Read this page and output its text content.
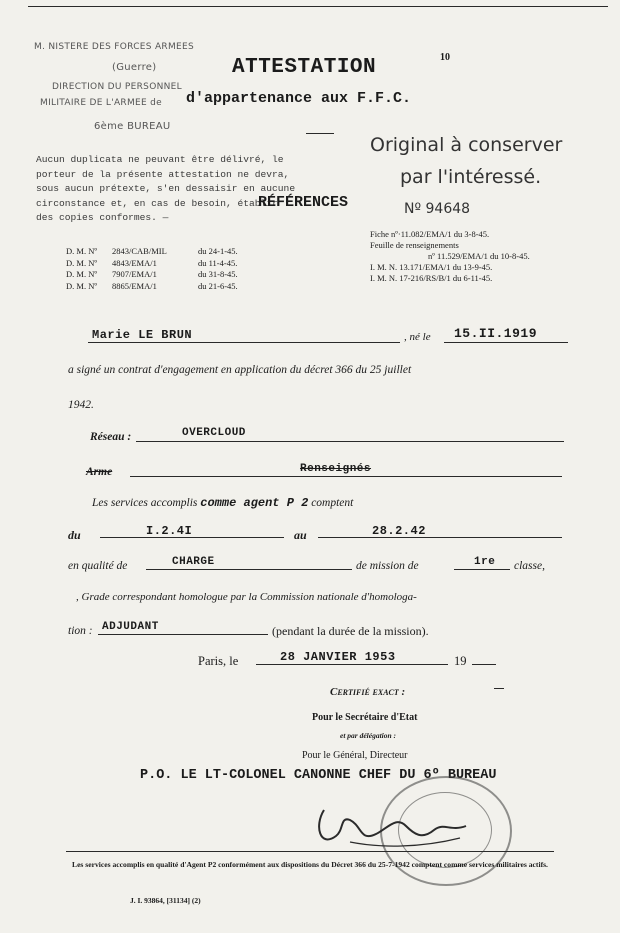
M. NISTERE DES FORCES ARMEES
(Guerre)
DIRECTION DU PERSONNEL
MILITAIRE DE L'ARMEE de
6ème BUREAU
ATTESTATION	10
d'appartenance aux F.F.C.
Aucun duplicata ne peuvant être délivré, le porteur de la présente attestation ne devra, sous aucun prétexte, s'en dessaisir en aucune circonstance et, en cas de besoin, établir des copies conformes. —
Original à conserver
par l'intéressé.
RÉFÉRENCES	Nº 94648
D. M. Nº	2843/CAB/MIL	du 24-1-45.
D. M. Nº	4843/EMA/1	du 11-4-45.
D. M. Nº	7907/EMA/1	du 31-8-45.
D. M. Nº	8865/EMA/1	du 21-6-45.
Fiche nº·11.082/EMA/1 du 3-8-45.
Feuille de renseignements
nº 11.529/EMA/1 du 10-8-45.
I. M. N. 13.171/EMA/1 du 13-9-45.
I. M. N. 17-216/RS/B/1 du 6-11-45.
Marie LE BRUN	, né le 15.II.1919
a signé un contrat d'engagement en application du décret 366 du 25 juillet
1942.
Réseau :	OVERCLOUD
Arme	Renseignés
Les services accomplis comme agent P 2 comptent
du	I.2.4I	au	28.2.42
en qualité de	CHARGE	de mission de	1re classe,
, Grade correspondant homologue par la Commission nationale d'homologa-
tion : ADJUDANT	(pendant la durée de la mission).
Paris, le	28 JANVIER 1953	19
Certifié exact :
Pour le Secrétaire d'Etat
et par délégation :
Pour le Général, Directeur
P.O. LE LT-COLONEL CANONNE CHEF DU 6º BUREAU
Les services accomplis en qualité d'Agent P2 conformément aux dispositions du Décret 366 du 25-7-1942 comptent comme services militaires actifs.
J. I. 93864, [31134] (2)
